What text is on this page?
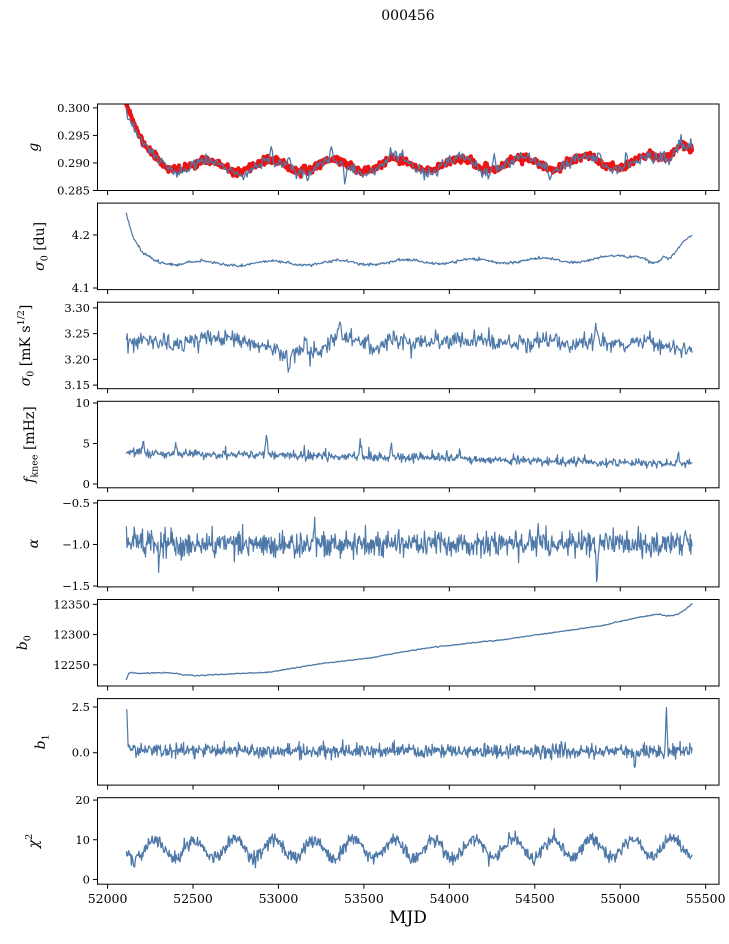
000456
0.285
0.290
0.295
0.300
g
4.1
4.2
$\sigma_0$ [du]
3.15
3.20
3.25
3.30
$\sigma_0$ [mK $s^{1/2}$]
0
5
10
$f_{knee}$ [mHz]
−1.5
−1.0
−0.5
α
12250
12300
12350
$b_0$
0.0
2.5
$b_1$
52000	52500	53000	53500	54000	54500	55000	55500
0
10
20
$\chi^2$
MJD
